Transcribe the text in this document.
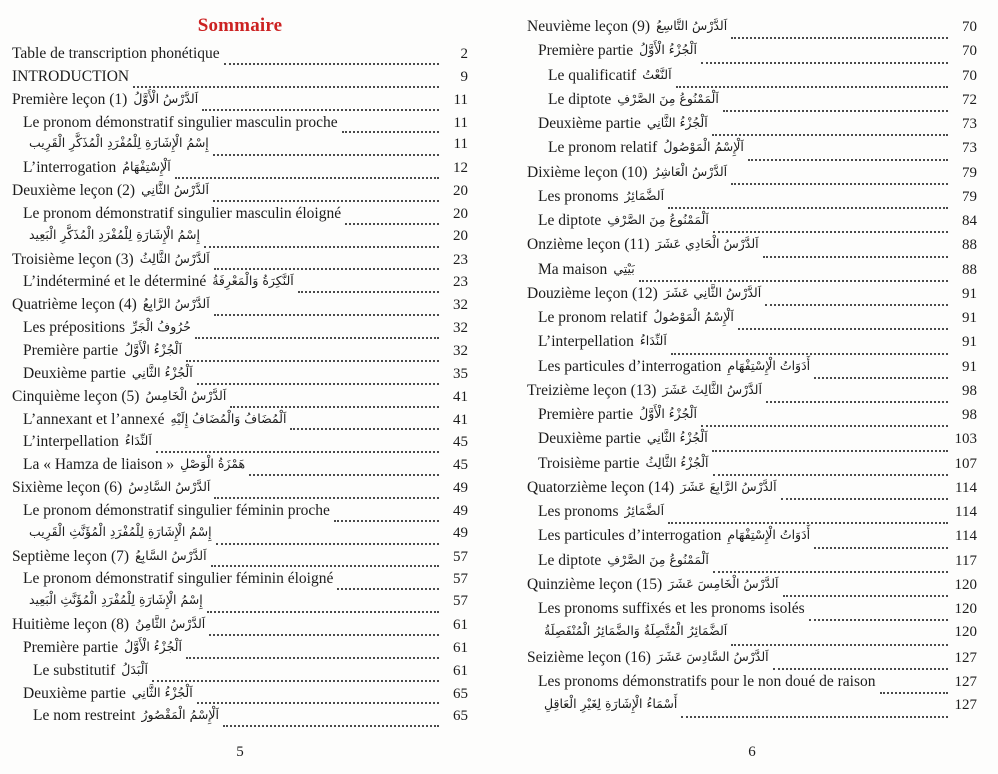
Sommaire
Table de transcription phonétique	2
INTRODUCTION	9
Première leçon (1) اَلدَّرْسُ الْأَوَّلُ	11
Le pronom démonstratif singulier masculin proche	11
إِسْمُ الْإِشَارَةِ لِلْمُفْرَدِ الْمُذَكَّرِ الْقَرِيب	11
L’interrogation اَلْإِسْتِفْهَامُ	12
Deuxième leçon (2) اَلدَّرْسُ الثَّانِي	20
Le pronom démonstratif singulier masculin éloigné	20
إِسْمُ الْإِشَارَةِ لِلْمُفْرَدِ الْمُذَكَّرِ الْبَعِيد	20
Troisième leçon (3) اَلدَّرْسُ الثَّالِثُ	23
L’indéterminé et le déterminé اَلنَّكِرَةُ وَالْمَعْرِفَةُ	23
Quatrième leçon (4) اَلدَّرْسُ الرَّابِعُ	32
Les prépositions حُرُوفُ الْجَرِّ	32
Première partie اَلْجُزْءُ الْأَوَّلُ	32
Deuxième partie اَلْجُزْءُ الثَّانِي	35
Cinquième leçon (5) اَلدَّرْسُ الْخَامِسُ	41
L’annexant et l’annexé اَلْمُضَافُ وَالْمُضَافُ إِلَيْهِ	41
L’interpellation اَلنِّدَاءُ	45
La « Hamza de liaison » هَمْزَةُ الْوَصْلِ	45
Sixième leçon (6) اَلدَّرْسُ السَّادِسُ	49
Le pronom démonstratif singulier féminin proche	49
إِسْمُ الْإِشَارَةِ لِلْمُفْرَدِ الْمُؤَنَّثِ الْقَرِيب	49
Septième leçon (7) اَلدَّرْسُ السَّابِعُ	57
Le pronom démonstratif singulier féminin éloigné	57
إِسْمُ الْإِشَارَةِ لِلْمُفْرَدِ الْمُؤَنَّثِ الْبَعِيد	57
Huitième leçon (8) اَلدَّرْسُ الثَّامِنُ	61
Première partie اَلْجُزْءُ الْأَوَّلُ	61
Le substitutif اَلْبَدَلُ	61
Deuxième partie اَلْجُزْءُ الثَّانِي	65
Le nom restreint اَلْإِسْمُ الْمَقْصُورُ	65
5
Neuvième leçon (9) اَلدَّرْسُ التَّاسِعُ	70
Première partie اَلْجُزْءُ الْأَوَّلُ	70
Le qualificatif اَلنَّعْتُ	70
Le diptote اَلْمَمْنُوعُ مِنَ الصَّرْفِ	72
Deuxième partie اَلْجُزْءُ الثَّانِي	73
Le pronom relatif اَلْإِسْمُ الْمَوْصُولُ	73
Dixième leçon (10) اَلدَّرْسُ الْعَاشِرُ	79
Les pronoms اَلضَّمَائِرُ	79
Le diptote اَلْمَمْنُوعُ مِنَ الصَّرْفِ	84
Onzième leçon (11) اَلدَّرْسُ الْحَادِي عَشَرَ	88
Ma maison بَيْتِي	88
Douzième leçon (12) اَلدَّرْسُ الثَّانِي عَشَرَ	91
Le pronom relatif اَلْإِسْمُ الْمَوْصُولُ	91
L’interpellation اَلنِّدَاءُ	91
Les particules d’interrogation أَدَوَاتُ الْإِسْتِفْهَامِ	91
Treizième leçon (13) اَلدَّرْسُ الثَّالِثَ عَشَرَ	98
Première partie اَلْجُزْءُ الْأَوَّلُ	98
Deuxième partie اَلْجُزْءُ الثَّانِي	103
Troisième partie اَلْجُزْءُ الثَّالِثُ	107
Quatorzième leçon (14) اَلدَّرْسُ الرَّابِعَ عَشَرَ	114
Les pronoms اَلضَّمَائِرُ	114
Les particules d’interrogation أَدَوَاتُ الْإِسْتِفْهَامِ	114
Le diptote اَلْمَمْنُوعُ مِنَ الصَّرْفِ	117
Quinzième leçon (15) اَلدَّرْسُ الْخَامِسَ عَشَرَ	120
Les pronoms suffixés et les pronoms isolés	120
اَلضَّمَائِرُ الْمُتَّصِلَةُ وَالضَّمَائِرُ الْمُنْفَصِلَةُ	120
Seizième leçon (16) اَلدَّرْسُ السَّادِسَ عَشَرَ	127
Les pronoms démonstratifs pour le non doué de raison	127
أَسْمَاءُ الْإِشَارَةِ لِغَيْرِ الْعَاقِلِ	127
6
